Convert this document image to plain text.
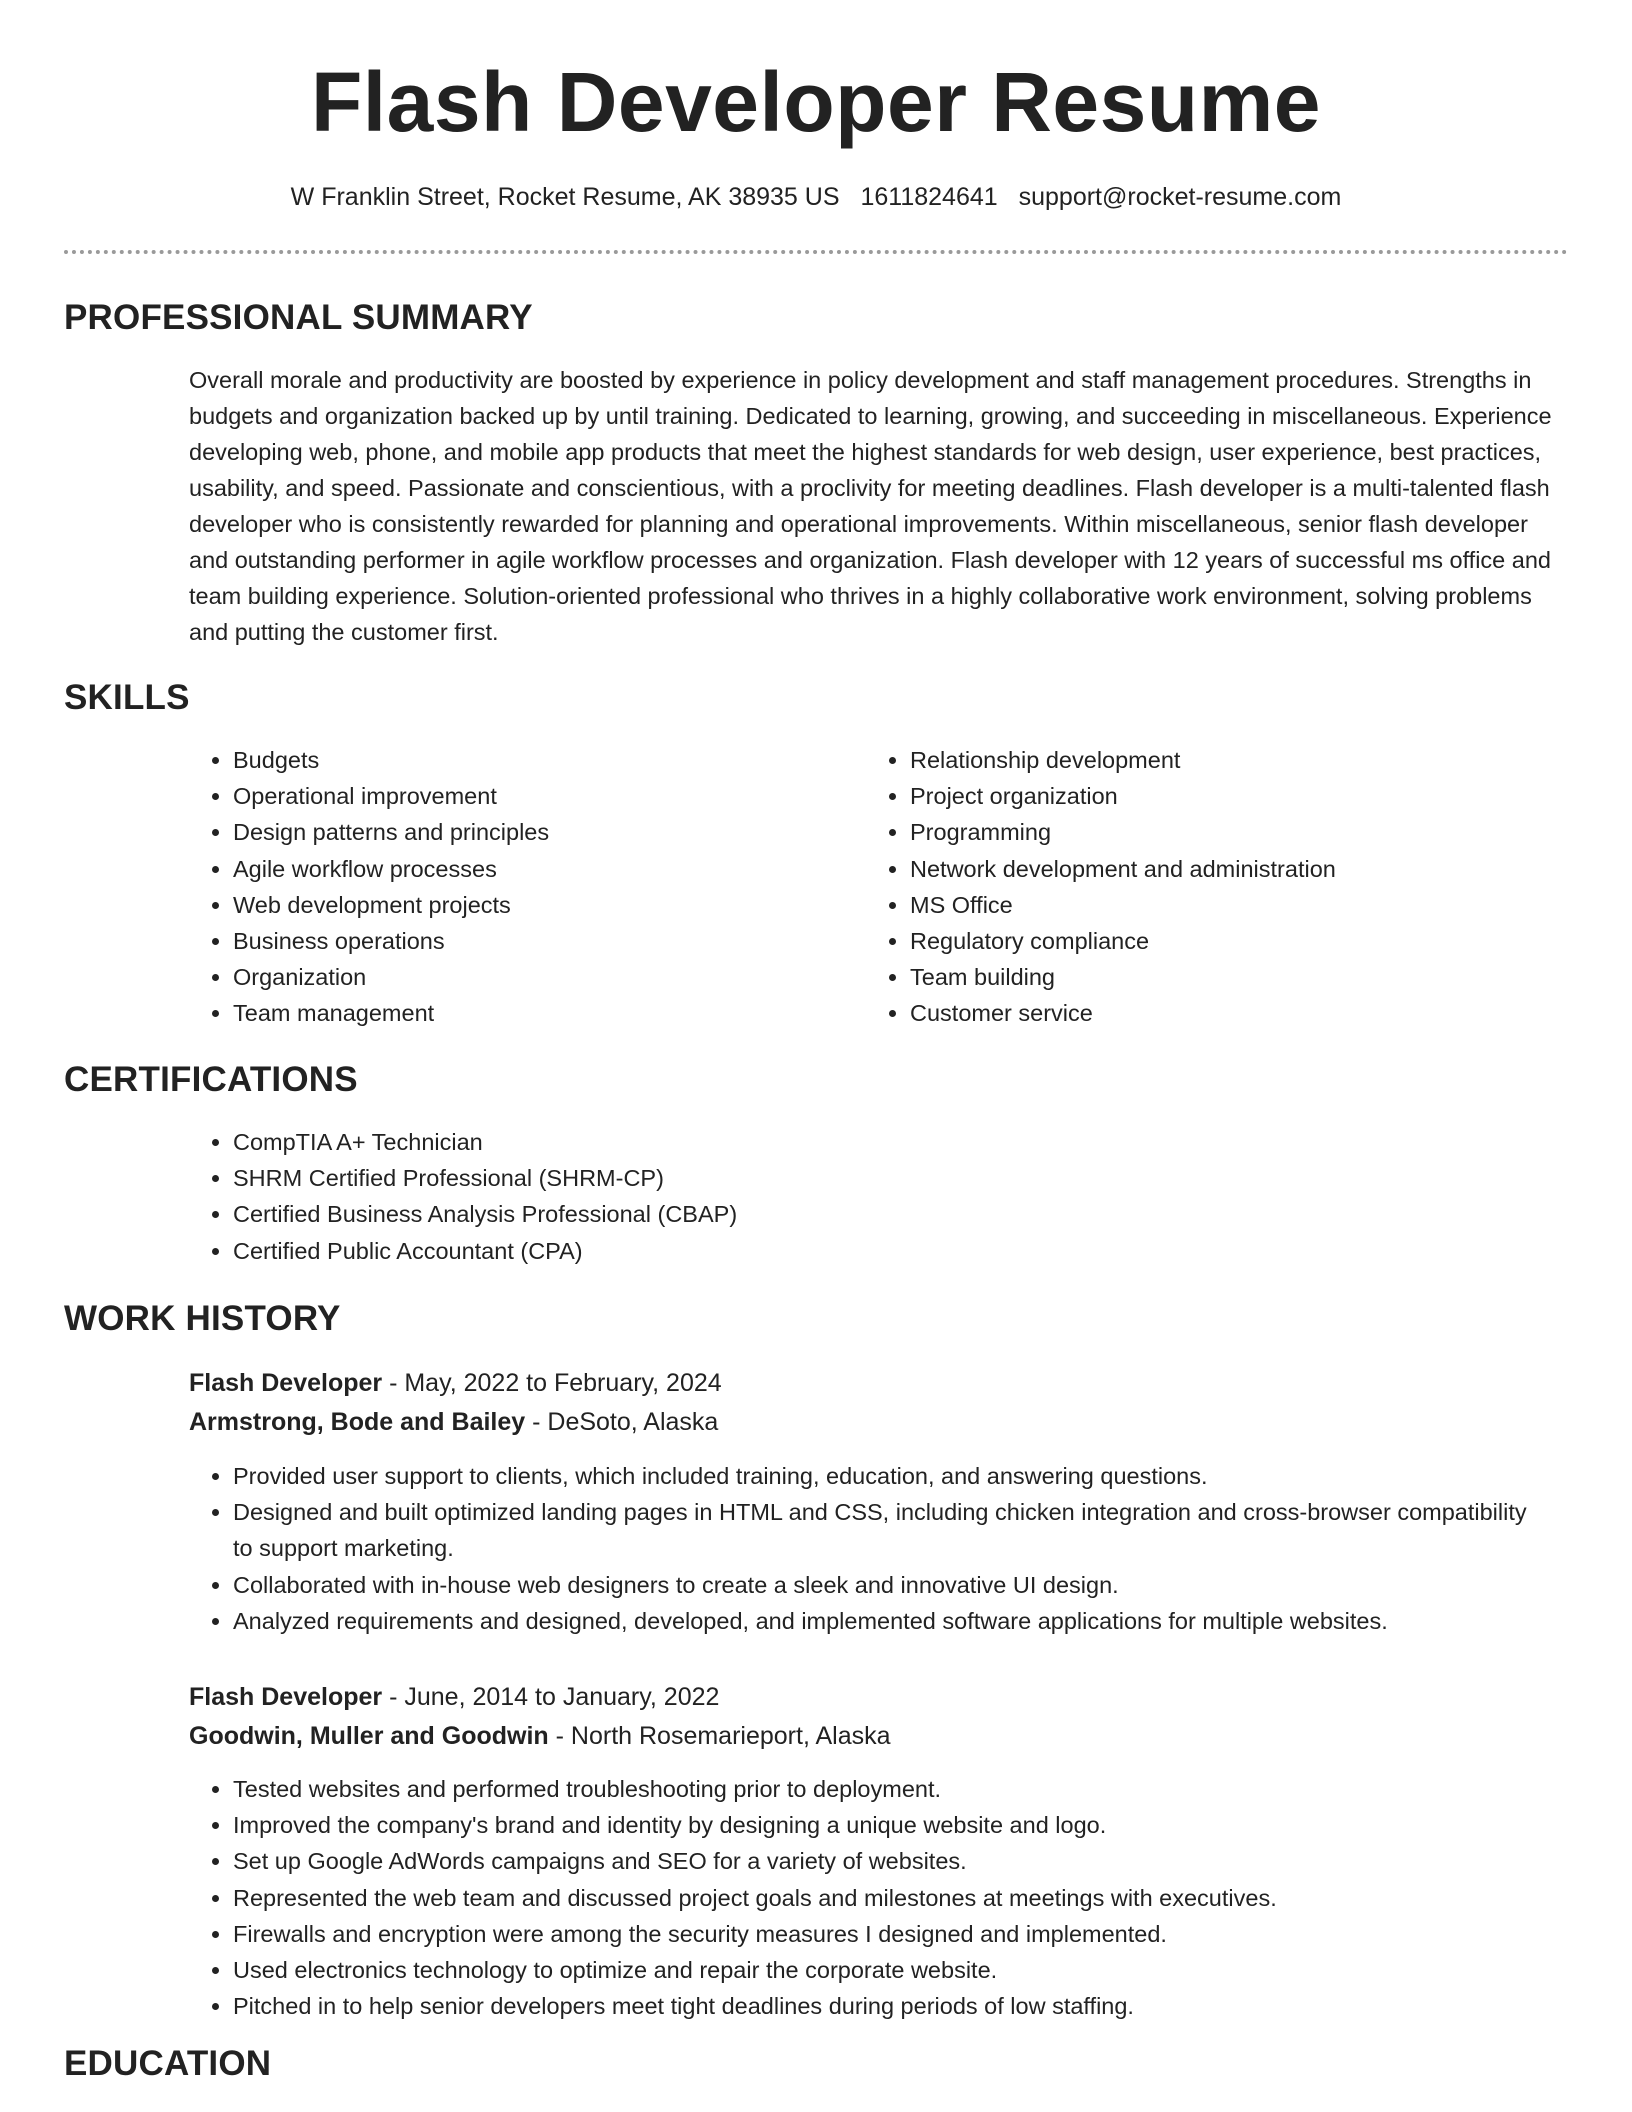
Flash Developer Resume
W Franklin Street, Rocket Resume, AK 38935 US 1611824641 support@rocket-resume.com
PROFESSIONAL SUMMARY

Overall morale and productivity are boosted by experience in policy development and staff management procedures. Strengths in budgets and organization backed up by until training. Dedicated to learning, growing, and succeeding in miscellaneous. Experience developing web, phone, and mobile app products that meet the highest standards for web design, user experience, best practices, usability, and speed. Passionate and conscientious, with a proclivity for meeting deadlines. Flash developer is a multi-talented flash developer who is consistently rewarded for planning and operational improvements. Within miscellaneous, senior flash developer and outstanding performer in agile workflow processes and organization. Flash developer with 12 years of successful ms office and team building experience. Solution-oriented professional who thrives in a highly collaborative work environment, solving problems and putting the customer first.

SKILLS
• Budgets
• Operational improvement
• Design patterns and principles
• Agile workflow processes
• Web development projects
• Business operations
• Organization
• Team management
• Relationship development
• Project organization
• Programming
• Network development and administration
• MS Office
• Regulatory compliance
• Team building
• Customer service
CERTIFICATIONS
• CompTIA A+ Technician
• SHRM Certified Professional (SHRM-CP)
• Certified Business Analysis Professional (CBAP)
• Certified Public Accountant (CPA)
WORK HISTORY

Flash Developer - May, 2022 to February, 2024

Armstrong, Bode and Bailey - DeSoto, Alaska

• Provided user support to clients, which included training, education, and answering questions.
• Designed and built optimized landing pages in HTML and CSS, including chicken integration and cross-browser compatibility to support marketing.
• Collaborated with in-house web designers to create a sleek and innovative UI design.
• Analyzed requirements and designed, developed, and implemented software applications for multiple websites.

Flash Developer - June, 2014 to January, 2022

Goodwin, Muller and Goodwin - North Rosemarieport, Alaska

• Tested websites and performed troubleshooting prior to deployment.
• Improved the company's brand and identity by designing a unique website and logo.
• Set up Google AdWords campaigns and SEO for a variety of websites.
• Represented the web team and discussed project goals and milestones at meetings with executives.
• Firewalls and encryption were among the security measures I designed and implemented.
• Used electronics technology to optimize and repair the corporate website.
• Pitched in to help senior developers meet tight deadlines during periods of low staffing.
EDUCATION
